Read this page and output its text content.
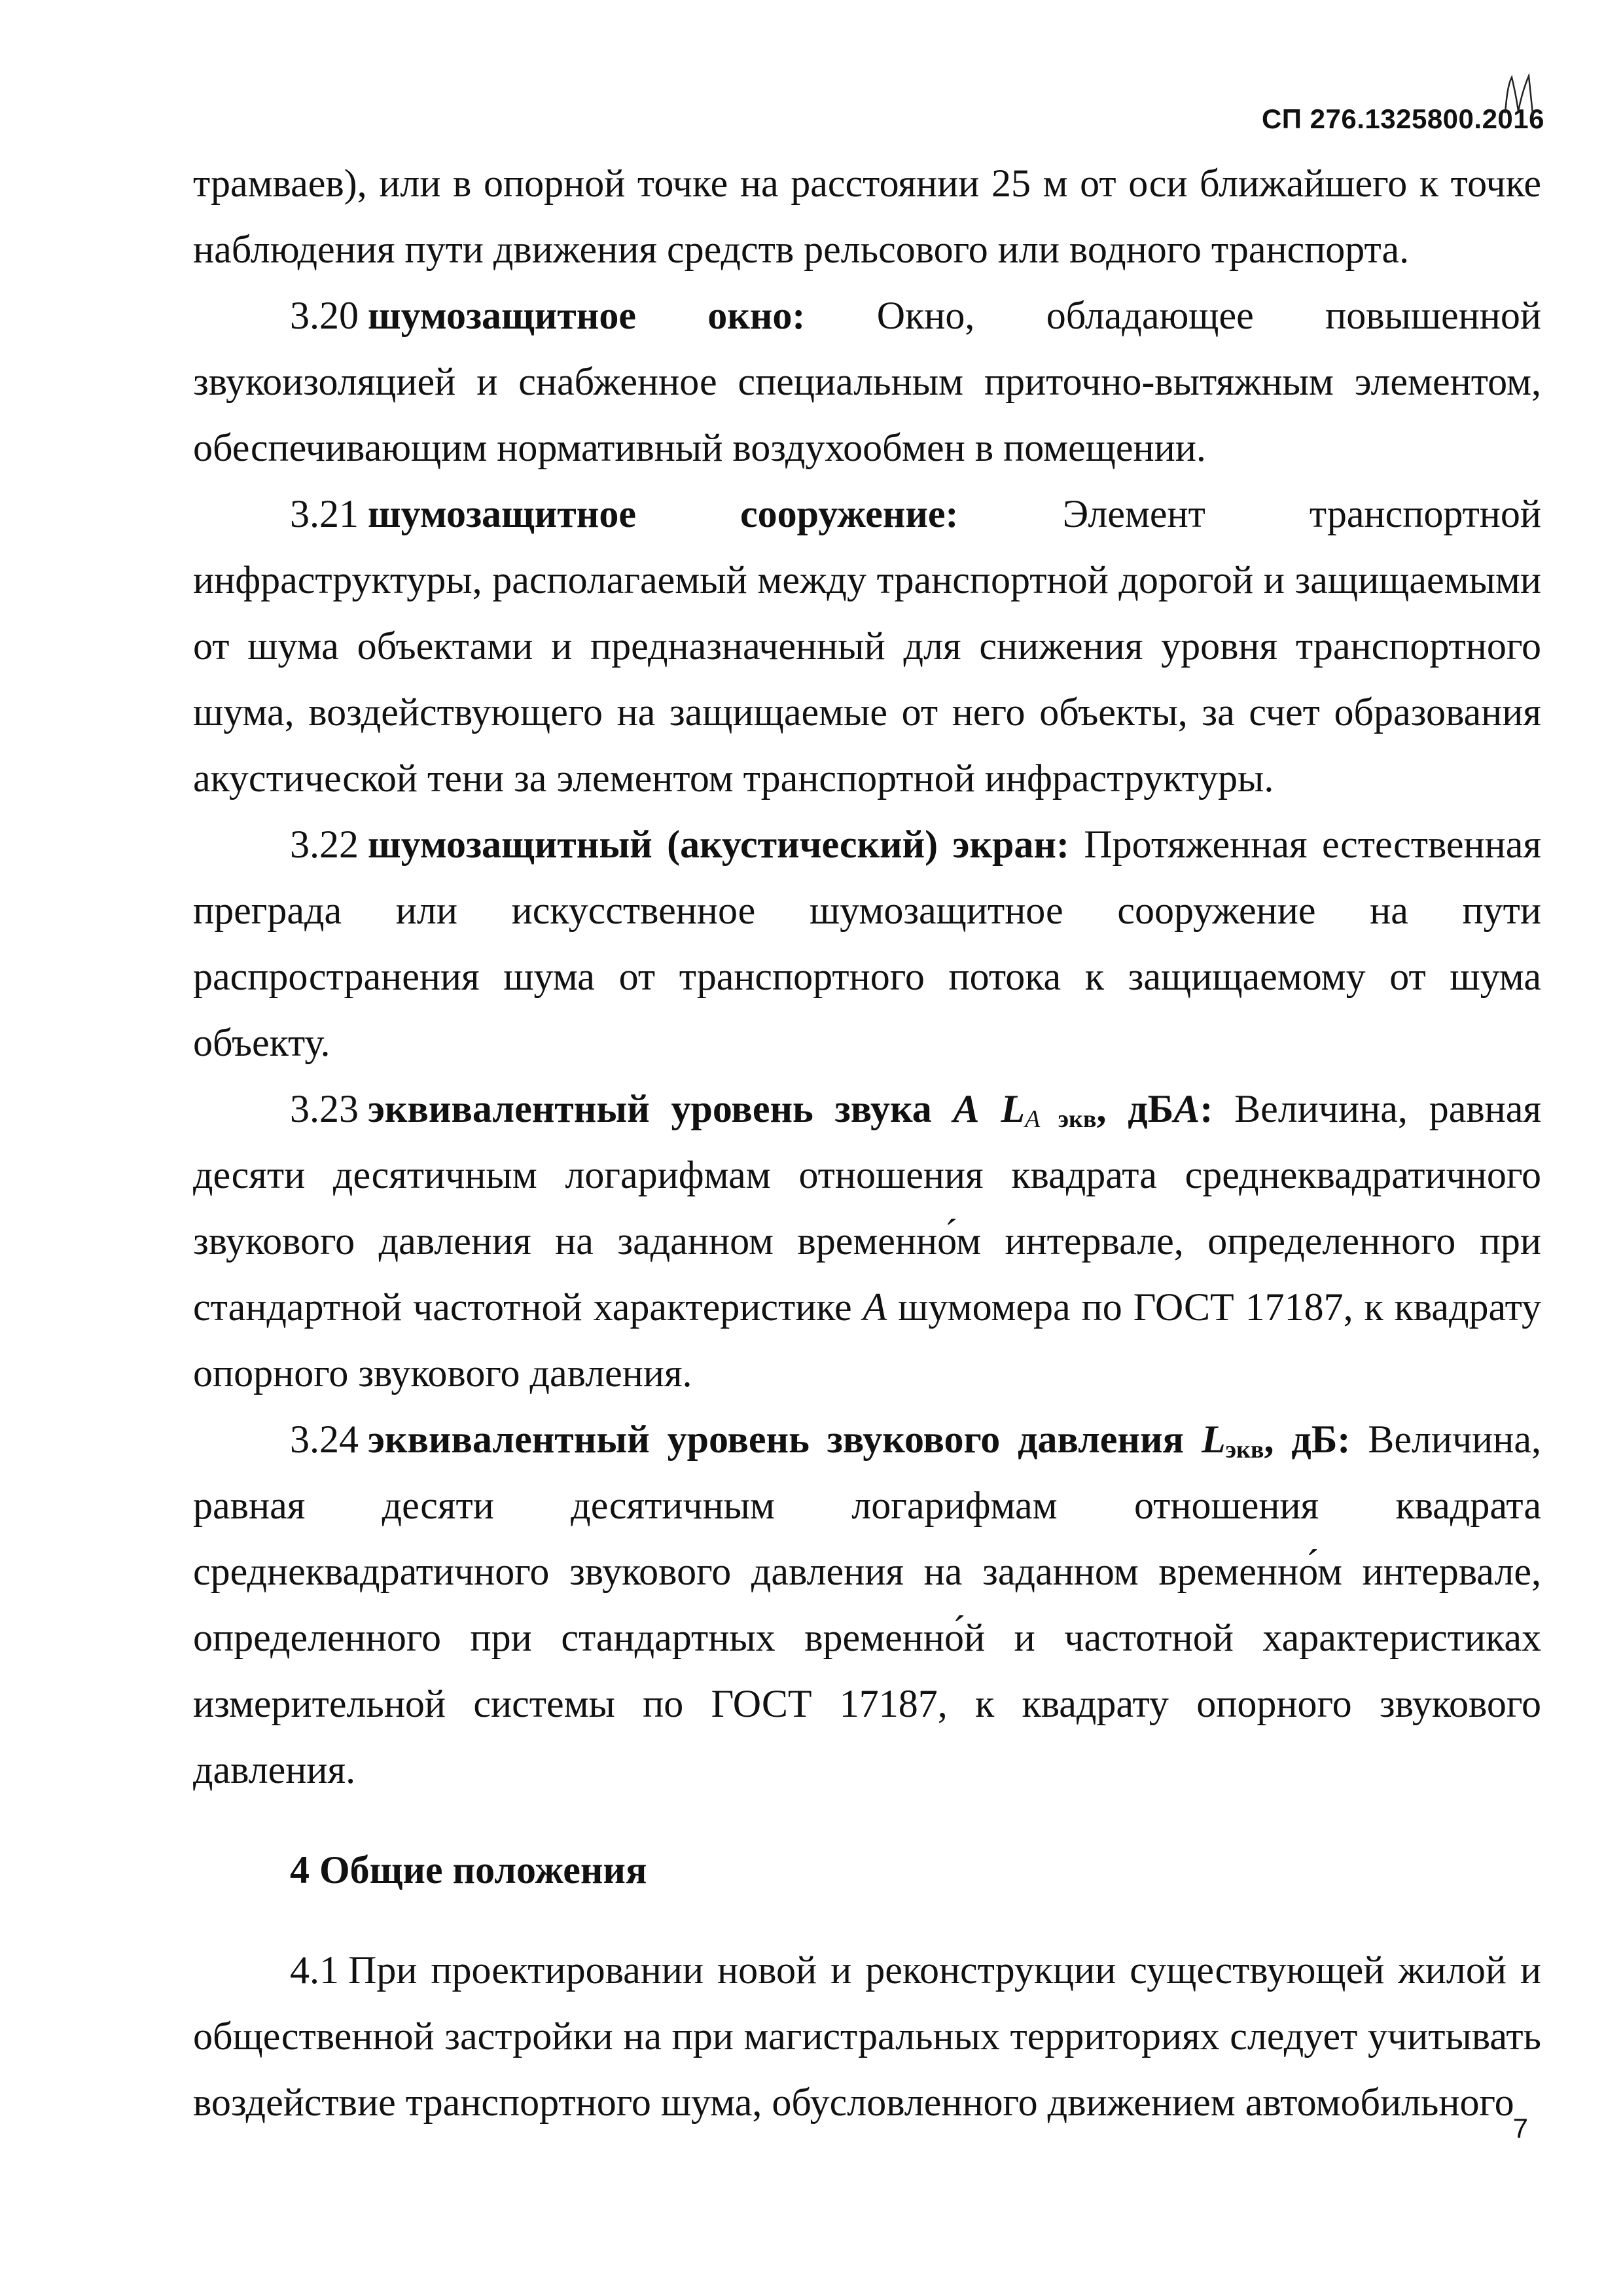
СП 276.1325800.2016

трамваев), или в опорной точке на расстоянии 25 м от оси ближайшего к точке наблюдения пути движения средств рельсового или водного транспорта.

3.20 шумозащитное окно: Окно, обладающее повышенной звукоизоляцией и снабженное специальным приточно-вытяжным элементом, обеспечивающим нормативный воздухообмен в помещении.

3.21 шумозащитное сооружение:	Элемент транспортной инфраструктуры, располагаемый между транспортной дорогой и защищаемыми от шума объектами и предназначенный для снижения уровня транспортного шума, воздействующего на защищаемые от него объекты, за счет образования акустической тени за элементом транспортной инфраструктуры.

3.22 шумозащитный (акустический) экран: Протяженная естественная преграда или искусственное шумозащитное сооружение на пути распространения шума от транспортного потока к защищаемому от шума объекту.

3.23 эквивалентный уровень звука A $L_{A экв}$, дБA: Величина, равная десяти десятичным логарифмам отношения квадрата среднеквадратичного звукового давления на заданном временно́м интервале, определенного при стандартной частотной характеристике A шумомера по ГОСТ 17187, к квадрату опорного звукового давления.

3.24 эквивалентный уровень звукового давления $L_{экв}$, дБ: Величина, равная десяти десятичным логарифмам отношения квадрата среднеквадратичного звукового давления на заданном временно́м интервале, определенного при стандартных временно́й и частотной характеристиках измерительной системы по ГОСТ 17187, к квадрату опорного звукового давления.

4 Общие положения

4.1 При проектировании новой и реконструкции существующей жилой и общественной застройки на при магистральных территориях следует учитывать воздействие транспортного шума, обусловленного движением автомобильного

7
